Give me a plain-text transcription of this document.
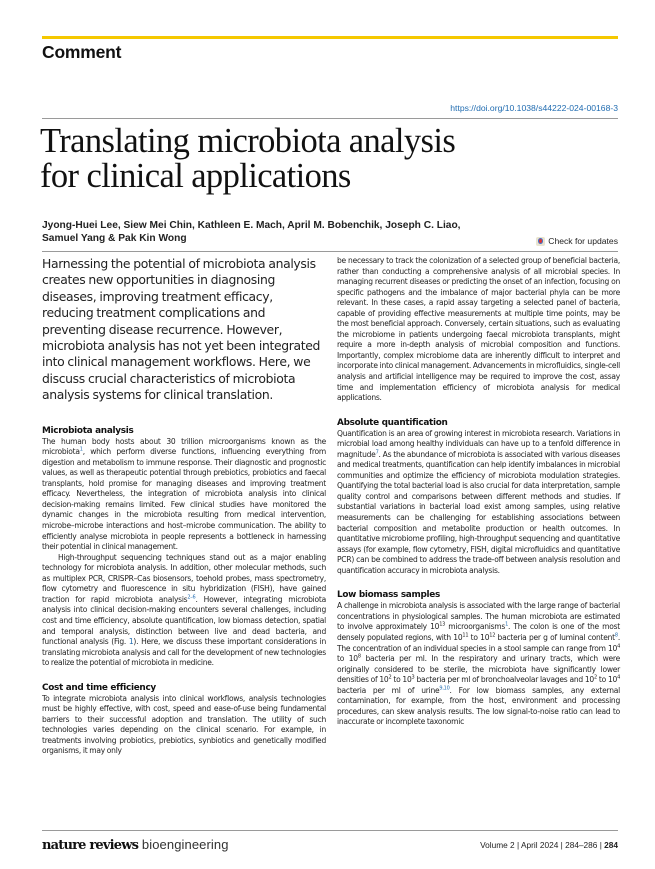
Comment
https://doi.org/10.1038/s44222-024-00168-3
Translating microbiota analysis
for clinical applications
Jyong-Huei Lee, Siew Mei Chin, Kathleen E. Mach, April M. Bobenchik, Joseph C. Liao,
Samuel Yang & Pak Kin Wong	Check for updates

Harnessing the potential of microbiota analysis creates new opportunities in diagnosing diseases, improving treatment efficacy, reducing treatment complications and preventing disease recurrence. However, microbiota analysis has not yet been integrated into clinical management workflows. Here, we discuss crucial characteristics of microbiota analysis systems for clinical translation.

Microbiota analysis

The human body hosts about 30 trillion microorganisms known as the microbiota$^1$, which perform diverse functions, influencing everything from digestion and metabolism to immune response. Their diagnostic and prognostic values, as well as therapeutic potential through prebiotics, probiotics and faecal transplants, hold promise for managing diseases and improving treatment efficacy. Nevertheless, the integration of microbiota analysis into clinical decision-making remains limited. Few clinical studies have monitored the dynamic changes in the microbiota resulting from medical intervention, microbe–microbe interactions and host–microbe communication. The ability to efficiently analyse microbiota in people represents a bottleneck in harnessing their potential in clinical management.

High-throughput sequencing techniques stand out as a major enabling technology for microbiota analysis. In addition, other molecular methods, such as multiplex PCR, CRISPR–Cas biosensors, toehold probes, mass spectrometry, flow cytometry and fluorescence in situ hybridization (FISH), have gained traction for rapid microbiota analysis$^{2-6}$. However, integrating microbiota analysis into clinical decision-making encounters several challenges, including cost and time efficiency, absolute quantification, low biomass detection, spatial and temporal analysis, distinction between live and dead bacteria, and functional analysis (Fig. 1). Here, we discuss these important considerations in translating microbiota analysis and call for the development of new technologies to realize the potential of microbiota in medicine.

Cost and time efficiency

To integrate microbiota analysis into clinical workflows, analysis technologies must be highly effective, with cost, speed and ease-of-use being fundamental barriers to their successful adoption and translation. The utility of such technologies varies depending on the clinical scenario. For example, in treatments involving probiotics, prebiotics, synbiotics and genetically modified organisms, it may only

be necessary to track the colonization of a selected group of beneficial bacteria, rather than conducting a comprehensive analysis of all microbial species. In managing recurrent diseases or predicting the onset of an infection, focusing on specific pathogens and the imbalance of major bacterial phyla can be more relevant. In these cases, a rapid assay targeting a selected panel of bacteria, capable of providing effective measurements at multiple time points, may be the most beneficial approach. Conversely, certain situations, such as evaluating the microbiome in patients undergoing faecal microbiota transplants, might require a more in-depth analysis of microbial composition and functions. Importantly, complex microbiome data are inherently difficult to interpret and incorporate into clinical management. Advancements in microfluidics, single-cell analysis and artificial intelligence may be required to improve the cost, assay time and implementation efficiency of microbiota analysis for medical applications.

Absolute quantification

Quantification is an area of growing interest in microbiota research. Variations in microbial load among healthy individuals can have up to a tenfold difference in magnitude$^7$. As the abundance of microbiota is associated with various diseases and medical treatments, quantification can help identify imbalances in microbial communities and optimize the efficiency of microbiota modulation strategies. Quantifying the total bacterial load is also crucial for data interpretation, sample quality control and comparisons between different methods and studies. If substantial variations in bacterial load exist among samples, using relative measurements can be challenging for establishing associations between bacterial composition and metabolite production or health outcomes. In quantitative microbiome profiling, high-throughput sequencing and quantitative assays (for example, flow cytometry, FISH, digital microfluidics and quantitative PCR) can be combined to address the trade-off between analysis resolution and quantification accuracy in microbiota analysis.

Low biomass samples

A challenge in microbiota analysis is associated with the large range of bacterial concentrations in physiological samples. The human microbiota are estimated to involve approximately $10^{13}$ microorganisms$^1$. The colon is one of the most densely populated regions, with $10^{11}$ to $10^{12}$ bacteria per g of luminal content$^8$. The concentration of an individual species in a stool sample can range from $10^4$ to $10^8$ bacteria per ml. In the respiratory and urinary tracts, which were originally considered to be sterile, the microbiota have significantly lower densities of $10^2$ to $10^3$ bacteria per ml of bronchoalveolar lavages and $10^2$ to $10^4$ bacteria per ml of urine$^{9,10}$. For low biomass samples, any external contamination, for example, from the host, environment and processing procedures, can skew analysis results. The low signal-to-noise ratio can lead to inaccurate or incomplete taxonomic

nature reviews bioengineering	Volume 2 | April 2024 | 284–286 | 284
